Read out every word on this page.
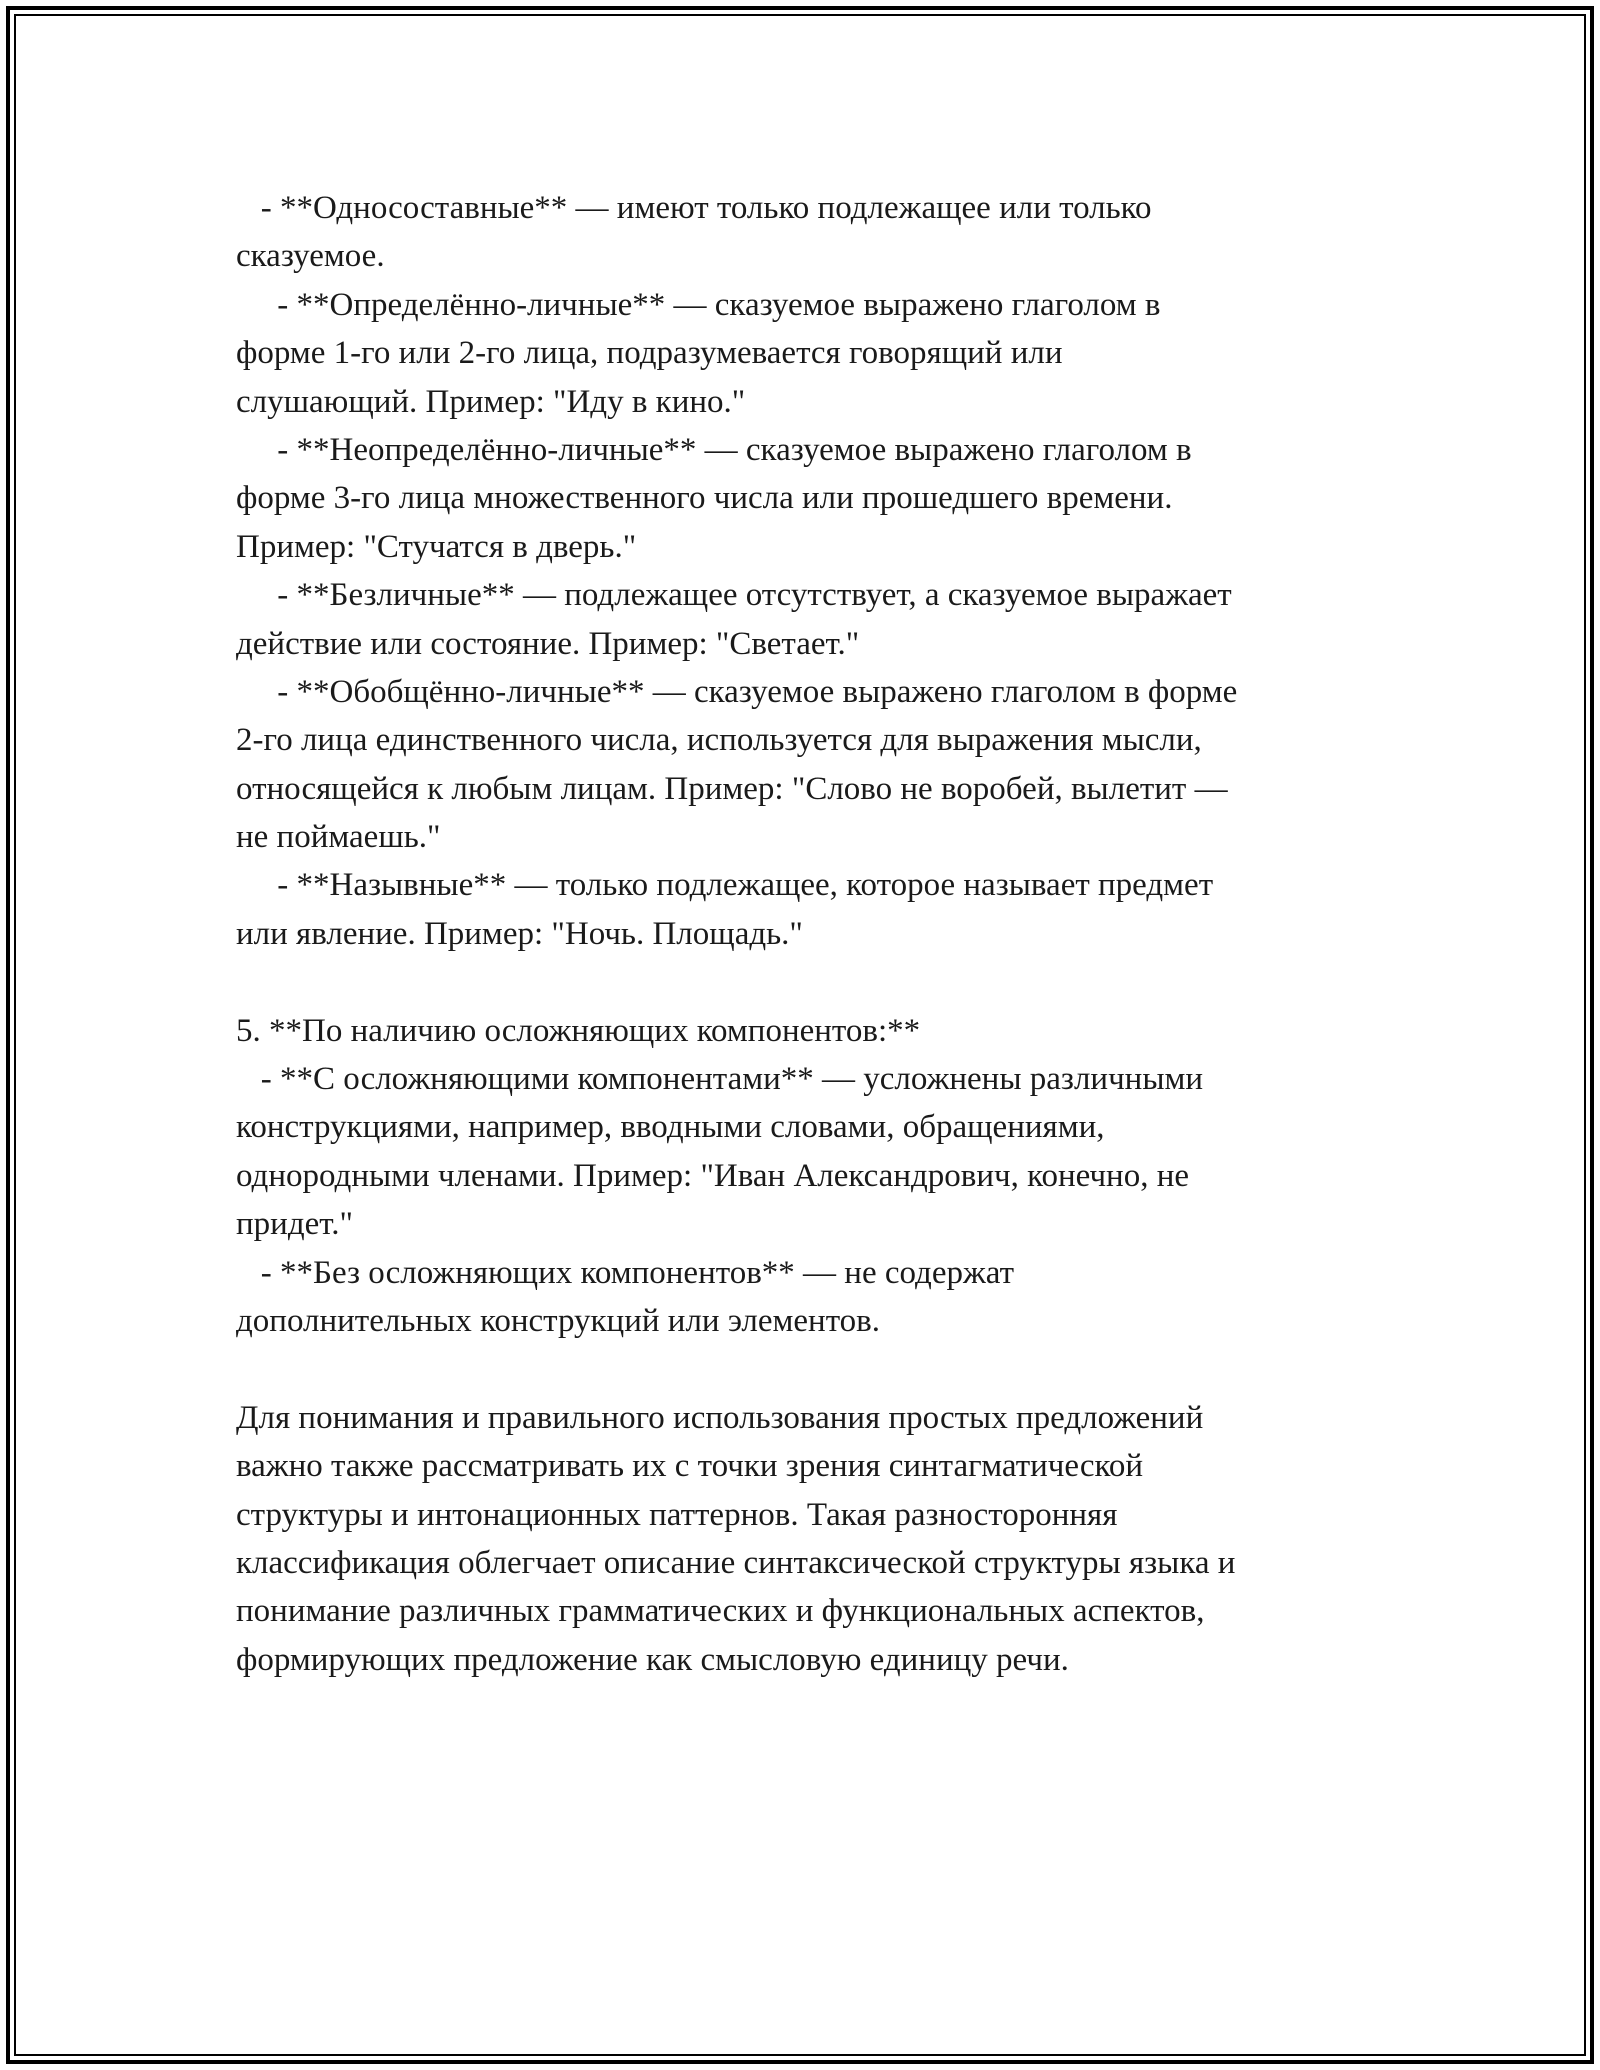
- **Односоставные** — имеют только подлежащее или только
сказуемое.
- **Определённо-личные** — сказуемое выражено глаголом в
форме 1-го или 2-го лица, подразумевается говорящий или
слушающий. Пример: "Иду в кино."
- **Неопределённо-личные** — сказуемое выражено глаголом в
форме 3-го лица множественного числа или прошедшего времени.
Пример: "Стучатся в дверь."
- **Безличные** — подлежащее отсутствует, а сказуемое выражает
действие или состояние. Пример: "Светает."
- **Обобщённо-личные** — сказуемое выражено глаголом в форме
2-го лица единственного числа, используется для выражения мысли,
относящейся к любым лицам. Пример: "Слово не воробей, вылетит —
не поймаешь."
- **Назывные** — только подлежащее, которое называет предмет
или явление. Пример: "Ночь. Площадь."
5. **По наличию осложняющих компонентов:**
- **С осложняющими компонентами** — усложнены различными
конструкциями, например, вводными словами, обращениями,
однородными членами. Пример: "Иван Александрович, конечно, не
придет."
- **Без осложняющих компонентов** — не содержат
дополнительных конструкций или элементов.
Для понимания и правильного использования простых предложений
важно также рассматривать их с точки зрения синтагматической
структуры и интонационных паттернов. Такая разносторонняя
классификация облегчает описание синтаксической структуры языка и
понимание различных грамматических и функциональных аспектов,
формирующих предложение как смысловую единицу речи.
